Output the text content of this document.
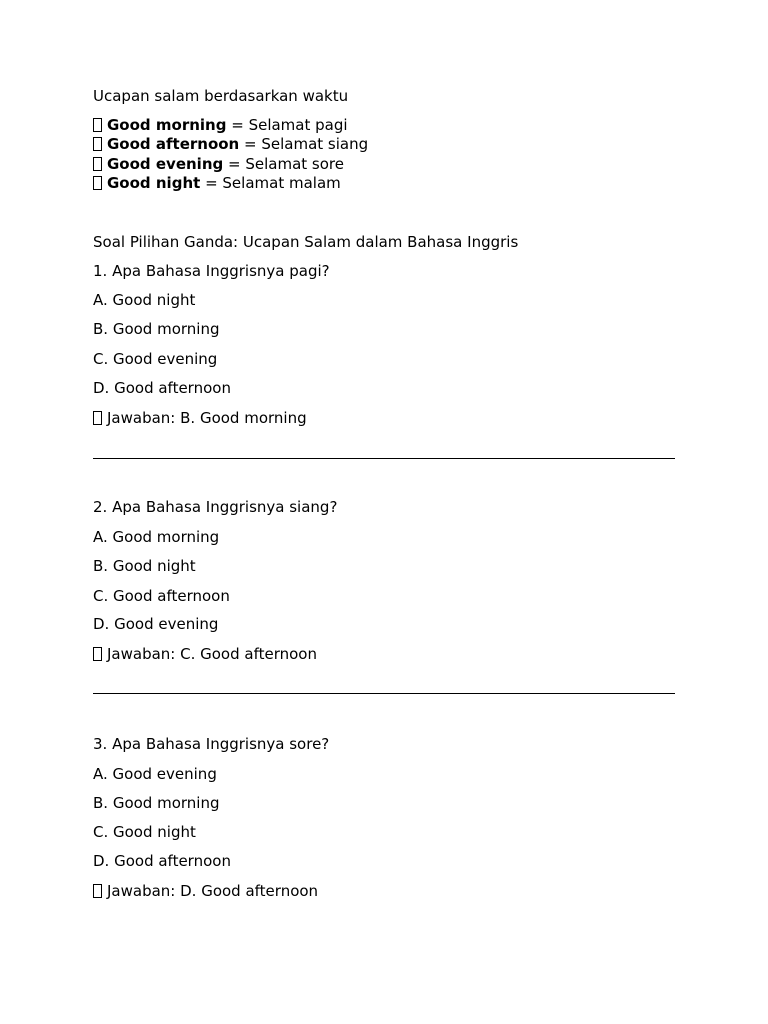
Ucapan salam berdasarkan waktu
Good morning = Selamat pagi
Good afternoon = Selamat siang
Good evening = Selamat sore
Good night = Selamat malam
Soal Pilihan Ganda: Ucapan Salam dalam Bahasa Inggris
1. Apa Bahasa Inggrisnya pagi?
A. Good night
B. Good morning
C. Good evening
D. Good afternoon
Jawaban: B. Good morning
2. Apa Bahasa Inggrisnya siang?
A. Good morning
B. Good night
C. Good afternoon
D. Good evening
Jawaban: C. Good afternoon
3. Apa Bahasa Inggrisnya sore?
A. Good evening
B. Good morning
C. Good night
D. Good afternoon
Jawaban: D. Good afternoon
